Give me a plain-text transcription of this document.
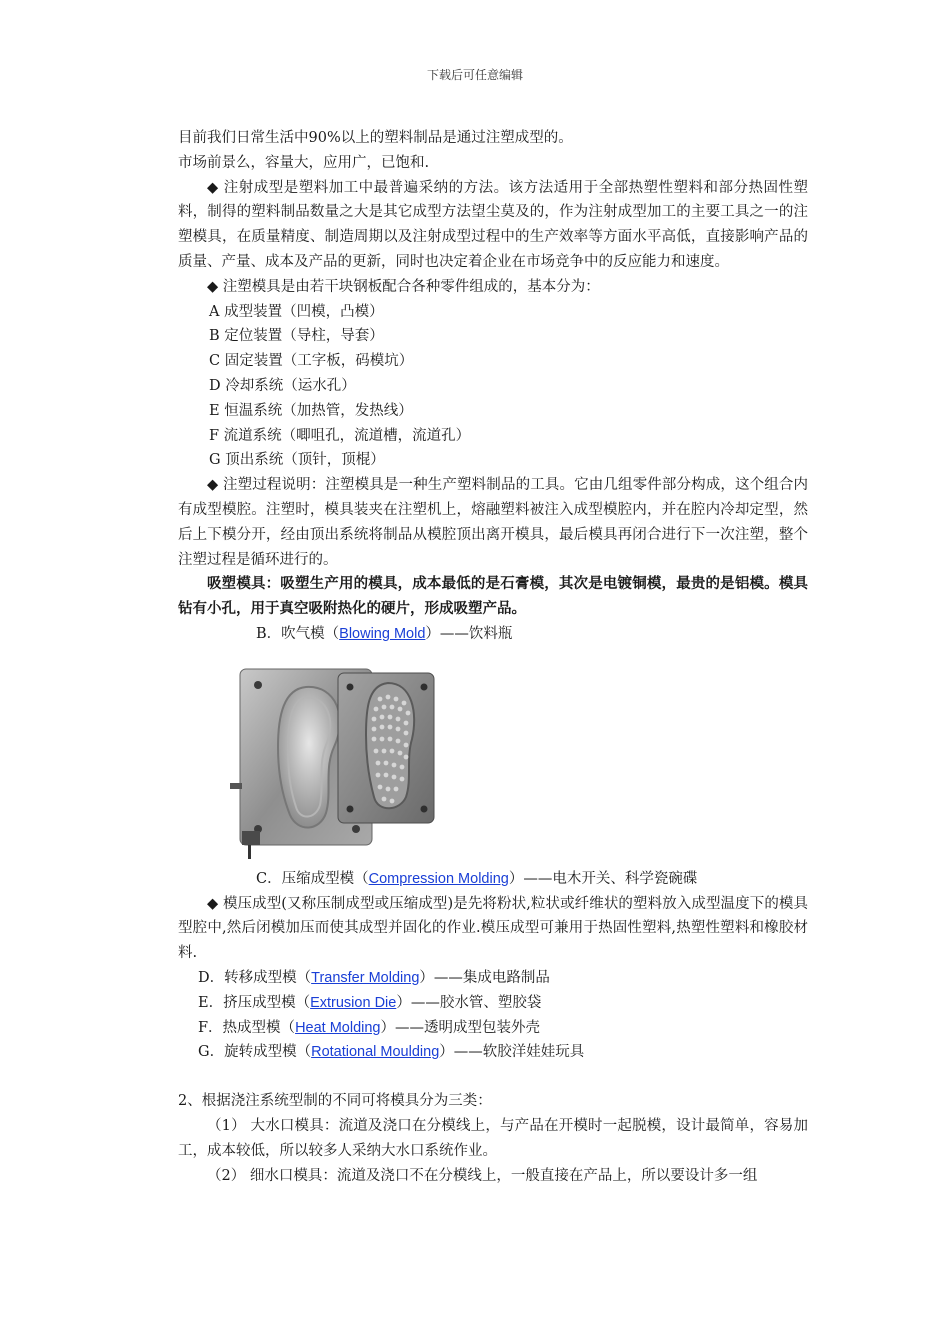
下载后可任意编辑

目前我们日常生活中90%以上的塑料制品是通过注塑成型的。

市场前景么，容量大，应用广，已饱和.

◆ 注射成型是塑料加工中最普遍采纳的方法。该方法适用于全部热塑性塑料和部分热固性塑料，制得的塑料制品数量之大是其它成型方法望尘莫及的，作为注射成型加工的主要工具之一的注塑模具，在质量精度、制造周期以及注射成型过程中的生产效率等方面水平高低，直接影响产品的质量、产量、成本及产品的更新，同时也决定着企业在市场竞争中的反应能力和速度。

◆ 注塑模具是由若干块钢板配合各种零件组成的，基本分为：

A 成型装置（凹模，凸模）

B 定位装置（导柱，导套）

C 固定装置（工字板，码模坑）

D 冷却系统（运水孔）

E 恒温系统（加热管，发热线）

F 流道系统（唧咀孔，流道槽，流道孔）

G 顶出系统（顶针，顶棍）

◆ 注塑过程说明：注塑模具是一种生产塑料制品的工具。它由几组零件部分构成，这个组合内有成型模腔。注塑时，模具装夹在注塑机上，熔融塑料被注入成型模腔内，并在腔内冷却定型，然后上下模分开，经由顶出系统将制品从模腔顶出离开模具，最后模具再闭合进行下一次注塑，整个注塑过程是循环进行的。

吸塑模具：吸塑生产用的模具，成本最低的是石膏模，其次是电镀铜模，最贵的是铝模。模具钻有小孔，用于真空吸附热化的硬片，形成吸塑产品。

B．吹气模（Blowing Mold）——饮料瓶

C．压缩成型模（Compression Molding）——电木开关、科学瓷碗碟

◆ 模压成型(又称压制成型或压缩成型)是先将粉状,粒状或纤维状的塑料放入成型温度下的模具型腔中,然后闭模加压而使其成型并固化的作业.模压成型可兼用于热固性塑料,热塑性塑料和橡胶材料.

D．转移成型模（Transfer Molding）——集成电路制品

E．挤压成型模（Extrusion Die）——胶水管、塑胶袋

F．热成型模（Heat Molding）——透明成型包装外壳

G．旋转成型模（Rotational Moulding）——软胶洋娃娃玩具

2、根据浇注系统型制的不同可将模具分为三类：

（1） 大水口模具：流道及浇口在分模线上，与产品在开模时一起脱模，设计最简单，容易加工，成本较低，所以较多人采纳大水口系统作业。

（2） 细水口模具：流道及浇口不在分模线上，一般直接在产品上，所以要设计多一组
